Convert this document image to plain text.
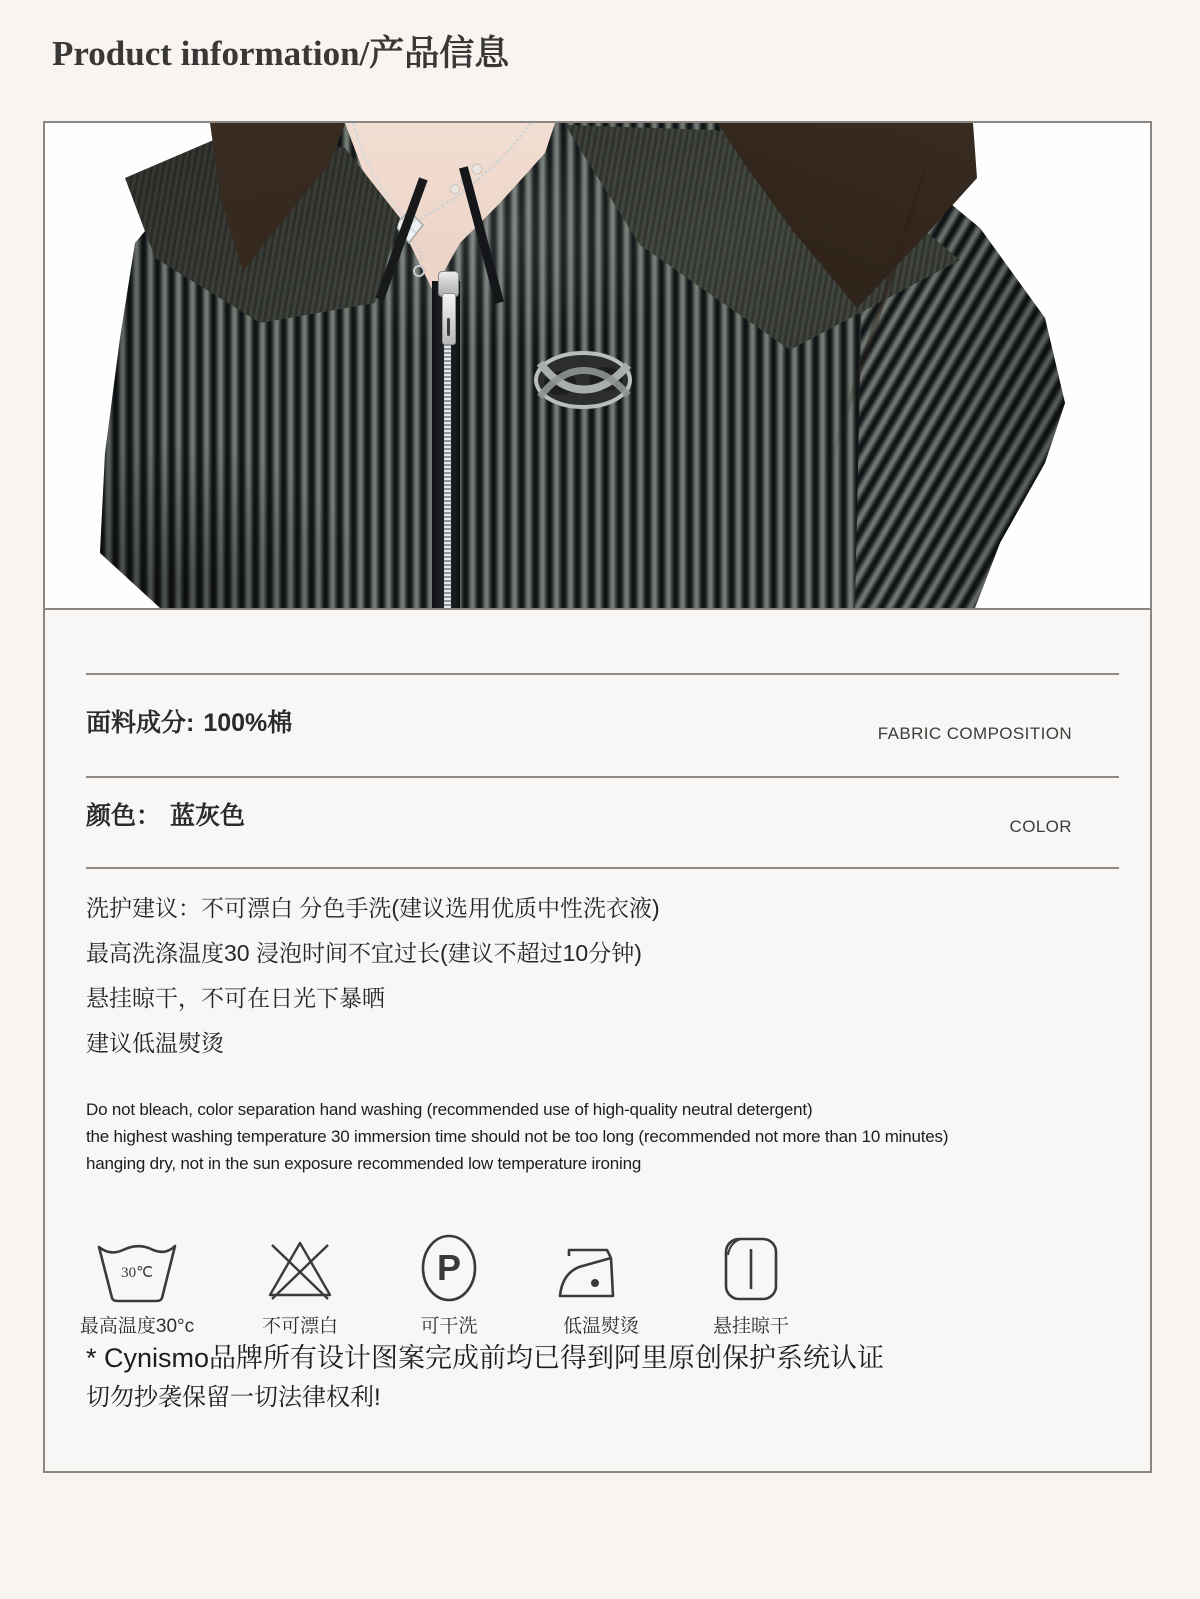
Product information/产品信息
面料成分: 100%棉	FABRIC COMPOSITION
颜色： 蓝灰色	COLOR
洗护建议：不可漂白 分色手洗(建议选用优质中性洗衣液)
最高洗涤温度30 浸泡时间不宜过长(建议不超过10分钟)
悬挂晾干，不可在日光下暴晒
建议低温熨烫
Do not bleach, color separation hand washing (recommended use of high-quality neutral detergent)
the highest washing temperature 30 immersion time should not be too long (recommended not more than 10 minutes)
hanging dry, not in the sun exposure recommended low temperature ironing
30℃
最高温度30°c	不可漂白
P
可干洗	低温熨烫	悬挂晾干
* Cynismo品牌所有设计图案完成前均已得到阿里原创保护系统认证
切勿抄袭保留一切法律权利!
